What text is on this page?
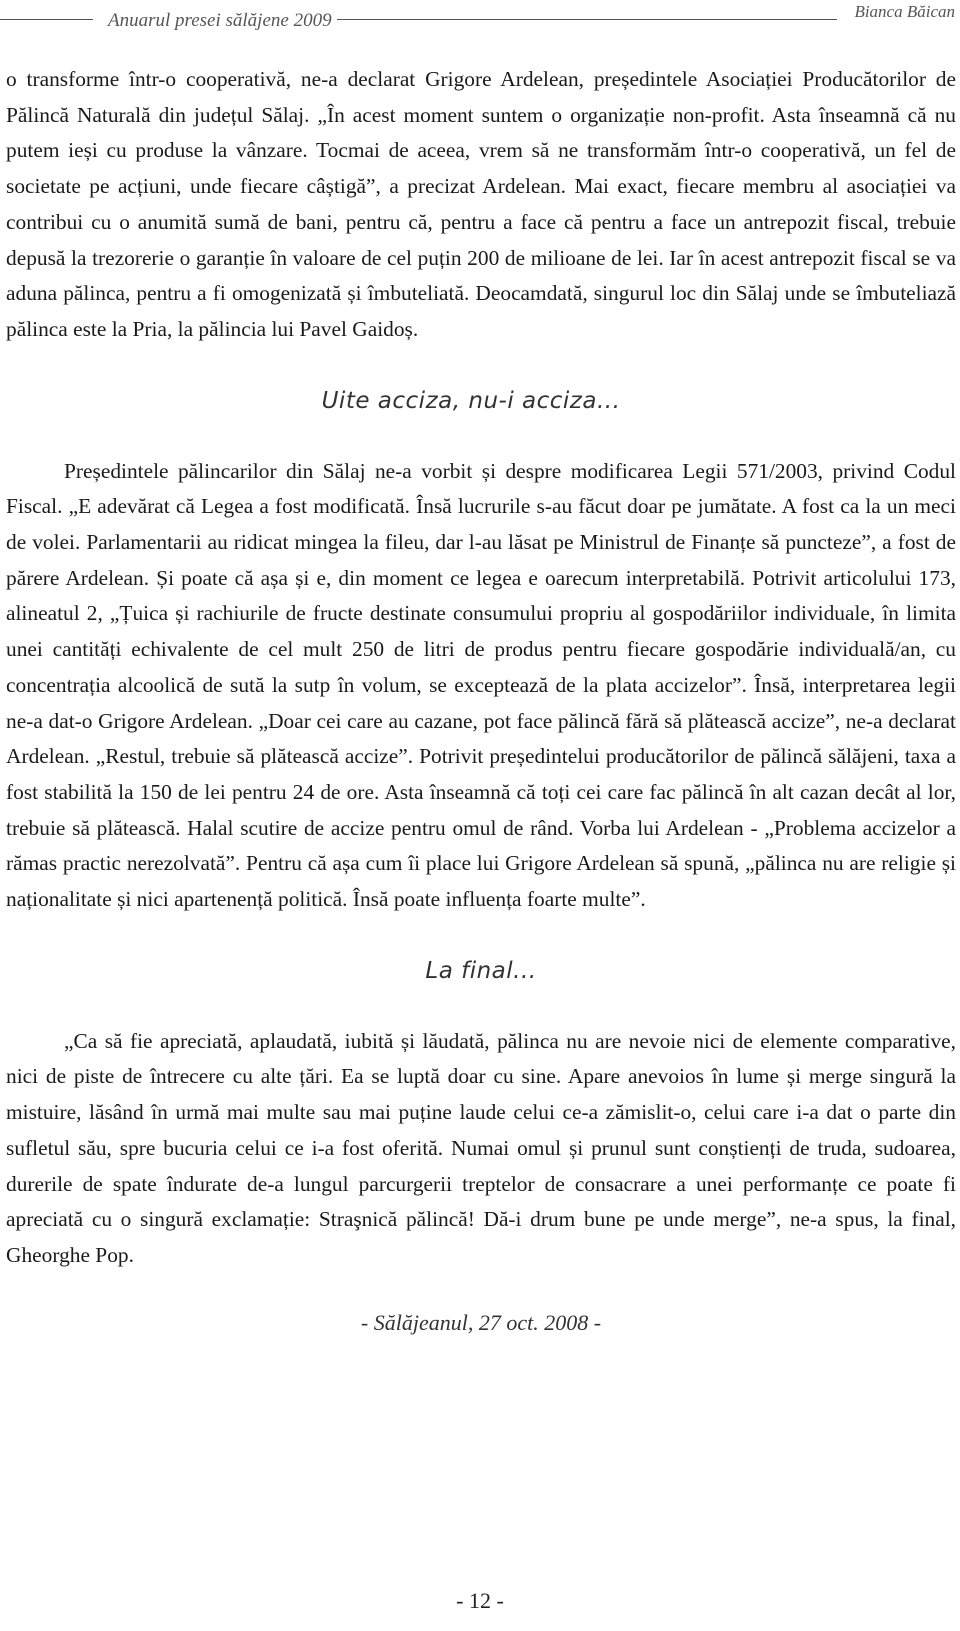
Anuarul presei sălăjene 2009	Bianca Băican

o transforme într-o cooperativă, ne-a declarat Grigore Ardelean, președintele Asociației Producătorilor de Pălincă Naturală din județul Sălaj. „În acest moment suntem o organizație non-profit. Asta înseamnă că nu putem ieși cu produse la vânzare. Tocmai de aceea, vrem să ne transformăm într-o cooperativă, un fel de societate pe acțiuni, unde fiecare câștigă”, a precizat Ardelean. Mai exact, fiecare membru al asociației va contribui cu o anumită sumă de bani, pentru că, pentru a face că pentru a face un antrepozit fiscal, trebuie depusă la trezorerie o garanție în valoare de cel puțin 200 de milioane de lei. Iar în acest antrepozit fiscal se va aduna pălinca, pentru a fi omogenizată și îmbuteliată. Deocamdată, singurul loc din Sălaj unde se îmbuteliază pălinca este la Pria, la pălincia lui Pavel Gaidoș.

Uite acciza, nu-i acciza...

Președintele pălincarilor din Sălaj ne-a vorbit și despre modificarea Legii 571/2003, privind Codul Fiscal. „E adevărat că Legea a fost modificată. Însă lucrurile s-au făcut doar pe jumătate. A fost ca la un meci de volei. Parlamentarii au ridicat mingea la fileu, dar l-au lăsat pe Ministrul de Finanțe să puncteze”, a fost de părere Ardelean. Și poate că așa și e, din moment ce legea e oarecum interpretabilă. Potrivit articolului 173, alineatul 2, „Țuica și rachiurile de fructe destinate consumului propriu al gospodăriilor individuale, în limita unei cantități echivalente de cel mult 250 de litri de produs pentru fiecare gospodărie individuală/an, cu concentrația alcoolică de sută la sutp în volum, se exceptează de la plata accizelor”. Însă, interpretarea legii ne-a dat-o Grigore Ardelean. „Doar cei care au cazane, pot face pălincă fără să plătească accize”, ne-a declarat Ardelean. „Restul, trebuie să plătească accize”. Potrivit președintelui producătorilor de pălincă sălăjeni, taxa a fost stabilită la 150 de lei pentru 24 de ore. Asta înseamnă că toți cei care fac pălincă în alt cazan decât al lor, trebuie să plătească. Halal scutire de accize pentru omul de rând. Vorba lui Ardelean - „Problema accizelor a rămas practic nerezolvată”. Pentru că așa cum îi place lui Grigore Ardelean să spună, „pălinca nu are religie și naționalitate și nici apartenență politică. Însă poate influența foarte multe”.

La final...

„Ca să fie apreciată, aplaudată, iubită și lăudată, pălinca nu are nevoie nici de elemente comparative, nici de piste de întrecere cu alte țări. Ea se luptă doar cu sine. Apare anevoios în lume și merge singură la mistuire, lăsând în urmă mai multe sau mai puține laude celui ce-a zămislit-o, celui care i-a dat o parte din sufletul său, spre bucuria celui ce i-a fost oferită. Numai omul și prunul sunt conștienți de truda, sudoarea, durerile de spate îndurate de-a lungul parcurgerii treptelor de consacrare a unei performanțe ce poate fi apreciată cu o singură exclamație: Straşnică pălincă! Dă-i drum bune pe unde merge”, ne-a spus, la final, Gheorghe Pop.

- Sălăjeanul, 27 oct. 2008 -
- 12 -
